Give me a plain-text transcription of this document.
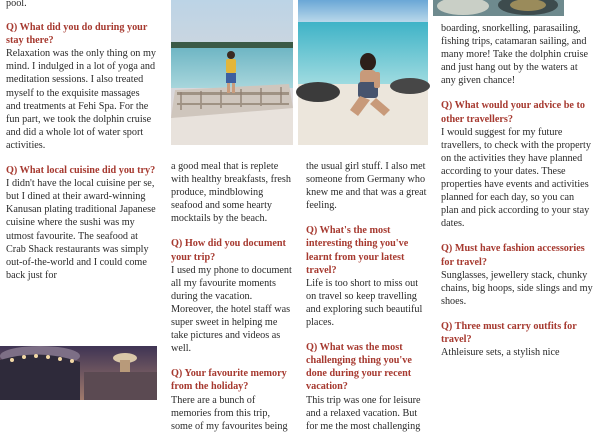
pool.

Q) What did you do during your stay there?
Relaxation was the only thing on my mind. I indulged in a lot of yoga and meditation sessions. I also treated myself to the exquisite massages and treatments at Fehi Spa. For the fun part, we took the dolphin cruise and did a whole lot of water sport activities.

Q) What local cuisine did you try?
I didn't have the local cuisine per se, but I dined at their award-winning Kanusan plating traditional Japanese cuisine where the sushi was my utmost favourite. The seafood at Crab Shack restaurants was simply out-of-the-world and I could come back just for

a good meal that is replete with healthy breakfasts, fresh produce, mindblowing seafood and some hearty mocktails by the beach.

Q) How did you document your trip?
I used my phone to document all my favourite moments during the vacation. Moreover, the hotel staff was super sweet in helping me take pictures and videos as well.

Q) Your favourite memory from the holiday?
There are a bunch of memories from this trip, some of my favourites being

the usual girl stuff. I also met someone from Germany who knew me and that was a great feeling.

Q) What's the most interesting thing you've learnt from your latest travel?
Life is too short to miss out on travel so keep travelling and exploring such beautiful places.

Q) What was the most challenging thing you've done during your recent vacation?
This trip was one for leisure and a relaxed vacation. But for me the most challenging

boarding, snorkelling, parasailing, fishing trips, catamaran sailing, and many more! Take the dolphin cruise and just hang out by the waters at any given chance!

Q) What would your advice be to other travellers?
I would suggest for my future travellers, to check with the property on the activities they have planned according to your dates. These properties have events and activities planned for each day, so you can plan and pick according to your stay dates.

Q) Must have fashion accessories for travel?
Sunglasses, jewellery stack, chunky chains, big hoops, side slings and my shoes.

Q) Three must carry outfits for travel?
Athleisure sets, a stylish nice
